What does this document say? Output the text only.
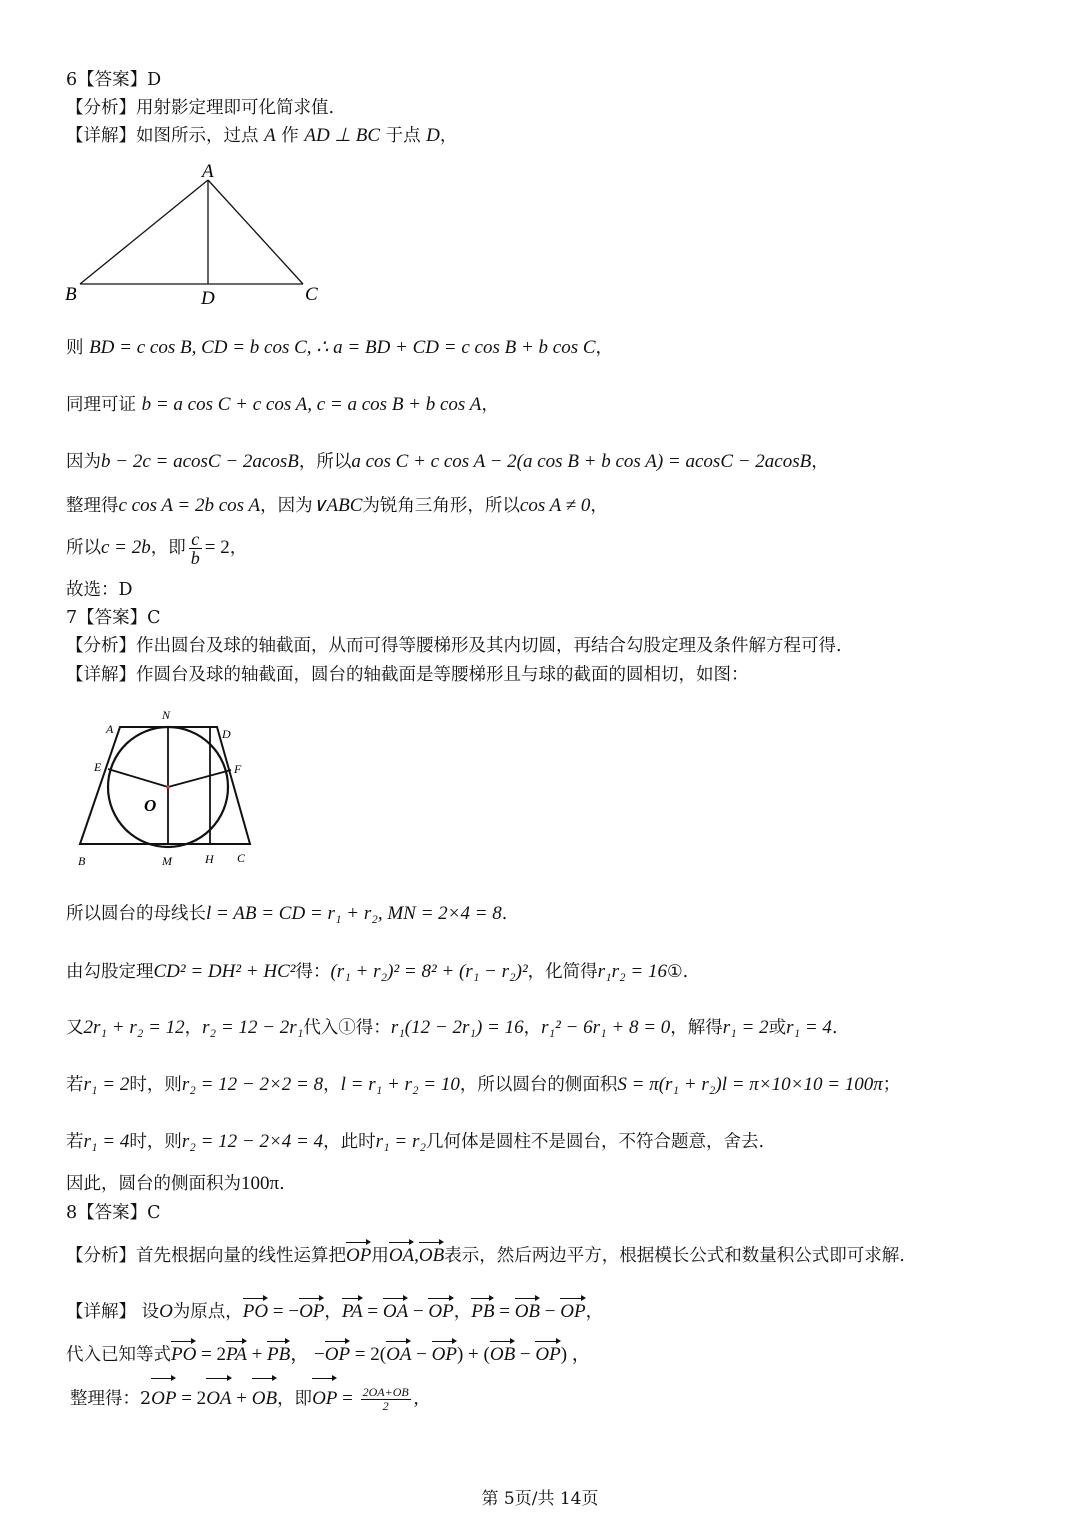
6【答案】D
【分析】用射影定理即可化简求值.
【详解】如图所示，过点 A 作 AD ⊥ BC 于点 D，
A
B	D	C
则 BD = c cos B, CD = b cos C, ∴ a = BD + CD = c cos B + b cos C，
同理可证 b = a cos C + c cos A, c = a cos B + b cos A，
因为b − 2c = acosC − 2acosB，所以a cos C + c cos A − 2(a cos B + b cos A) = acosC − 2acosB，
整理得c cos A = 2b cos A，因为∨ABC为锐角三角形，所以cos A ≠ 0，
所以c = 2b，即 $\frac{c}{b} = 2$，
故选：D
7【答案】C
【分析】作出圆台及球的轴截面，从而可得等腰梯形及其内切圆，再结合勾股定理及条件解方程可得.
【详解】作圆台及球的轴截面，圆台的轴截面是等腰梯形且与球的截面的圆相切，如图：
A
N
D
E	F
O
B	M	H C
所以圆台的母线长l = AB = CD = r₁ + r₂, MN = 2×4 = 8.
由勾股定理CD² = DH² + HC²得：(r₁ + r₂)² = 8² + (r₁ − r₂)²，化简得r₁r₂ = 16①.
又2r₁ + r₂ = 12，r₂ = 12 − 2r₁代入①得：r₁(12 − 2r₁) = 16，r₁² − 6r₁ + 8 = 0，解得r₁ = 2或r₁ = 4.
若r₁ = 2时，则r₂ = 12 − 2×2 = 8，l = r₁ + r₂ = 10，所以圆台的侧面积S = π(r₁ + r₂)l = π×10×10 = 100π；
若r₁ = 4时，则r₂ = 12 − 2×4 = 4，此时r₁ = r₂几何体是圆柱不是圆台，不符合题意，舍去.
因此，圆台的侧面积为100π.
8【答案】C
【分析】首先根据向量的线性运算把OP用OA,OB表示，然后两边平方，根据模长公式和数量积公式即可求解.
【详解】 设O为原点，PO = −OP，PA = OA − OP，PB = OB − OP，
代入已知等式PO = 2PA + PB， −OP = 2(OA − OP) + (OB − OP) ，
整理得：2OP = 2OA + OB，即OP = $\frac{2OA+OB}{2}$ ,
第 5页/共 14页
